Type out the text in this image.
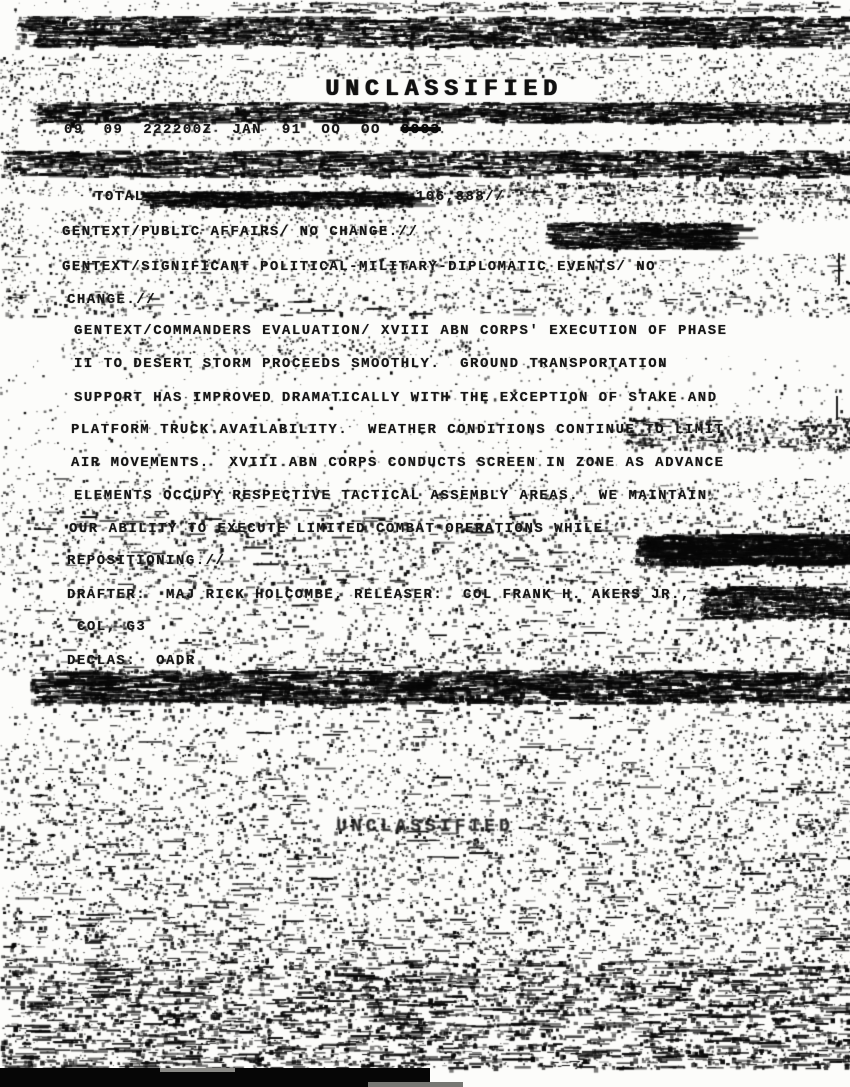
UNCLASSIFIED
09  09  222200Z  JAN  91  OO  OO  0003
TOTAL	106,888//
GENTEXT/PUBLIC AFFAIRS/ NO CHANGE.//
GENTEXT/SIGNIFICANT POLITICAL-MILITARY-DIPLOMATIC EVENTS/ NO
CHANGE.//
GENTEXT/COMMANDERS EVALUATION/ XVIII ABN CORPS' EXECUTION OF PHASE
II TO DESERT STORM PROCEEDS SMOOTHLY.  GROUND TRANSPORTATION
SUPPORT HAS IMPROVED DRAMATICALLY WITH THE EXCEPTION OF STAKE AND
PLATFORM TRUCK AVAILABILITY.  WEATHER CONDITIONS CONTINUE TO LIMIT
AIR MOVEMENTS.  XVIII ABN CORPS CONDUCTS SCREEN IN ZONE AS ADVANCE
ELEMENTS OCCUPY RESPECTIVE TACTICAL ASSEMBLY AREAS.  WE MAINTAIN
OUR ABILITY TO EXECUTE LIMITED COMBAT OPERATIONS WHILE
REPOSITIONING.//
DRAFTER:  MAJ RICK HOLCOMBE, RELEASER:  COL FRANK H. AKERS JR.,
COL, G3
DECLAS:  OADR
UNCLASSIFIED
